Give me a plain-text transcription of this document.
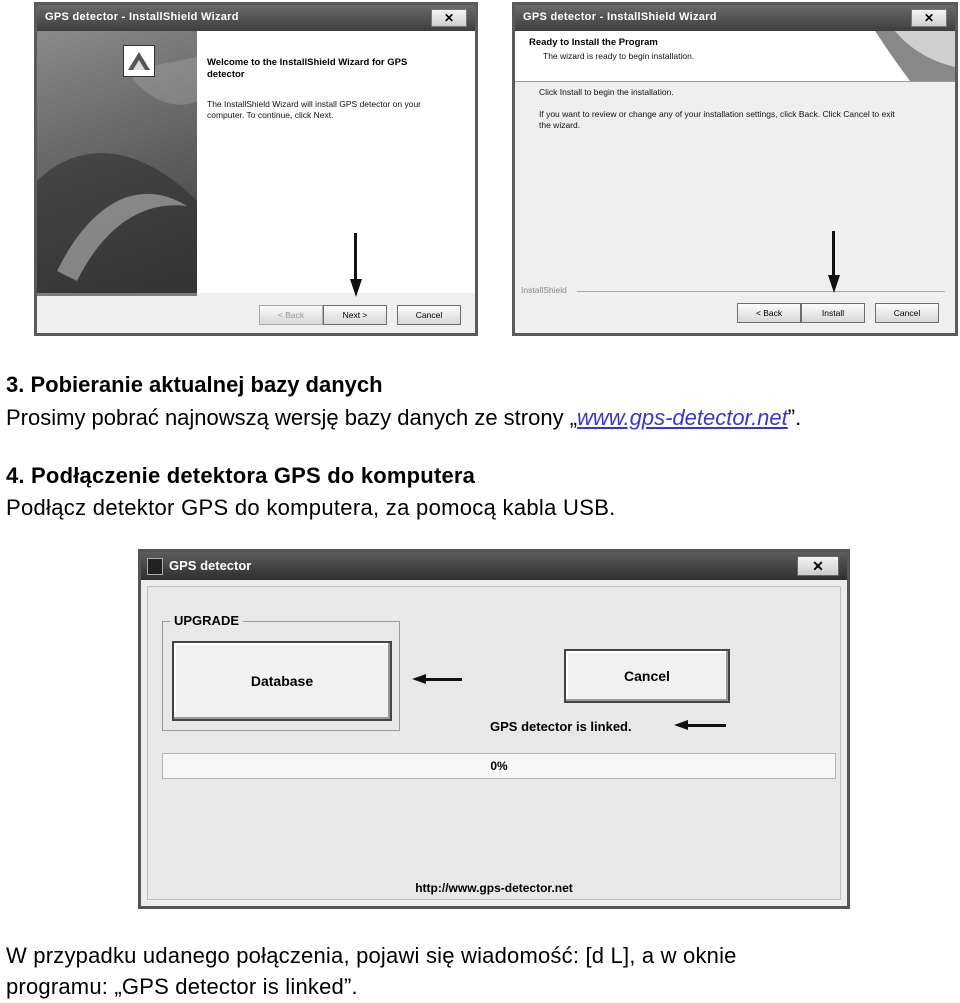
GPS detector - InstallShield Wizard	✕
Welcome to the InstallShield Wizard for GPS
detector
The InstallShield Wizard will install GPS detector on your
computer. To continue, click Next.
< Back	Next >	Cancel
GPS detector - InstallShield Wizard	✕
Ready to Install the Program
The wizard is ready to begin installation.
Click Install to begin the installation.
If you want to review or change any of your installation settings, click Back. Click Cancel to exit
the wizard.
InstallShield
< Back	Install	Cancel
3. Pobieranie aktualnej bazy danych
Prosimy pobrać najnowszą wersję bazy danych ze strony „www.gps-detector.net”.
4. Podłączenie detektora GPS do komputera
Podłącz detektor GPS do komputera, za pomocą kabla USB.
GPS detector	✕
UPGRADE
Database	Cancel
GPS detector is linked.
0%
http://www.gps-detector.net
W przypadku udanego połączenia, pojawi się wiadomość: [d L], a w oknie
programu: „GPS detector is linked”.
